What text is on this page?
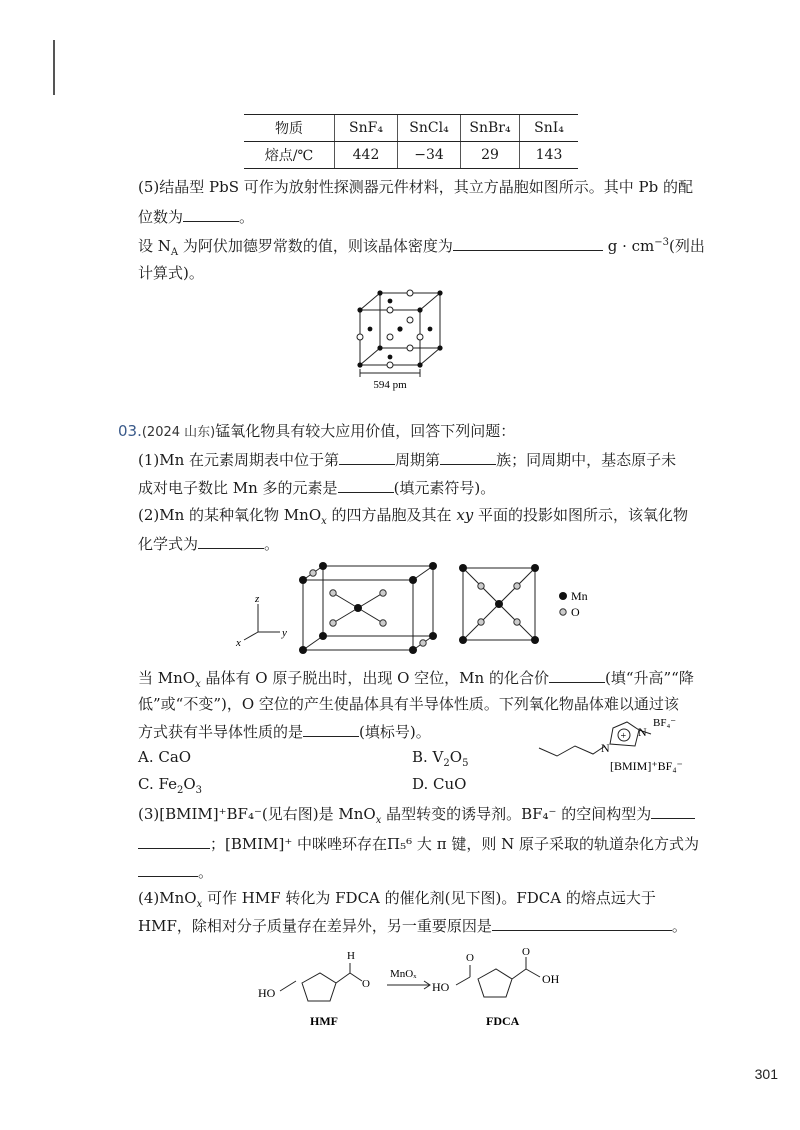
物质	SnF₄	SnCl₄	SnBr₄	SnI₄
熔点/℃	442	−34	29	143
(5)结晶型 PbS 可作为放射性探测器元件材料，其立方晶胞如图所示。其中 Pb 的配
位数为	。
设 $N_A$ 为阿伏加德罗常数的值，则该晶体密度为	$g \cdot cm^{-3}$(列出
计算式)。
594 pm
03.(2024 山东)锰氧化物具有较大应用价值，回答下列问题：
(1)Mn 在元素周期表中位于第	周期第	族；同周期中，基态原子未
成对电子数比 Mn 多的元素是	(填元素符号)。
(2)Mn 的某种氧化物 MnO$_x$ 的四方晶胞及其在 xy 平面的投影如图所示，该氧化物
化学式为	。
z
y
x
Mn
O
当 MnO$_x$ 晶体有 O 原子脱出时，出现 O 空位，Mn 的化合价	(填“升高”“降
低”或“不变”)，O 空位的产生使晶体具有半导体性质。下列氧化物晶体难以通过该
方式获有半导体性质的是	(填标号)。
A. CaO	B. $V_2O_5$
C. $Fe_2O_3$	D. CuO
N
N
+
BF₄⁻
[BMIM]⁺BF₄⁻
(3)[BMIM]⁺BF₄⁻(见右图)是 MnO$_x$ 晶型转变的诱导剂。BF₄⁻ 的空间构型为
；[BMIM]⁺ 中咪唑环存在Π₅⁶ 大 π 键，则 N 原子采取的轨道杂化方式为
。
(4)MnO$_x$ 可作 HMF 转化为 FDCA 的催化剂(见下图)。FDCA 的熔点远大于
HMF，除相对分子质量存在差异外，另一重要原因是	。
HO
H
O
MnOₓ
HO
O	O
OH
HMF	FDCA
301
